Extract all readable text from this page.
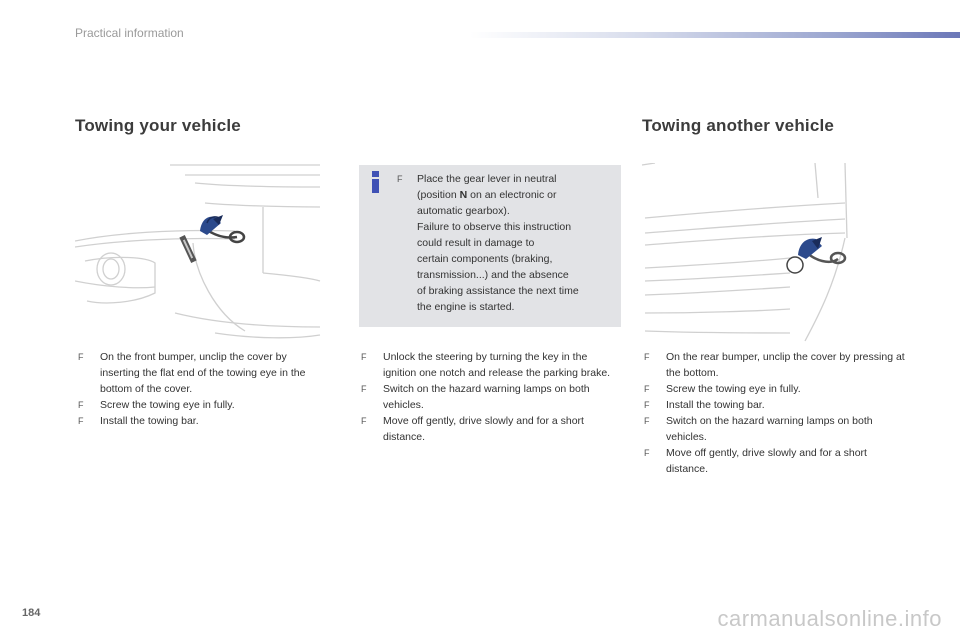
Practical information
Towing your vehicle	Towing another vehicle
F Place the gear lever in neutral
(position N on an electronic or
automatic gearbox).
Failure to observe this instruction
could result in damage to
certain components (braking,
transmission...) and the absence
of braking assistance the next time
the engine is started.
F On the front bumper, unclip the cover by inserting the flat end of the towing eye in the bottom of the cover.
F Screw the towing eye in fully.
F Install the towing bar.
F Unlock the steering by turning the key in the ignition one notch and release the parking brake.
F Switch on the hazard warning lamps on both vehicles.
F Move off gently, drive slowly and for a short distance.
F On the rear bumper, unclip the cover by pressing at the bottom.
F Screw the towing eye in fully.
F Install the towing bar.
F Switch on the hazard warning lamps on both vehicles.
F Move off gently, drive slowly and for a short distance.
184	carmanualsonline.info
